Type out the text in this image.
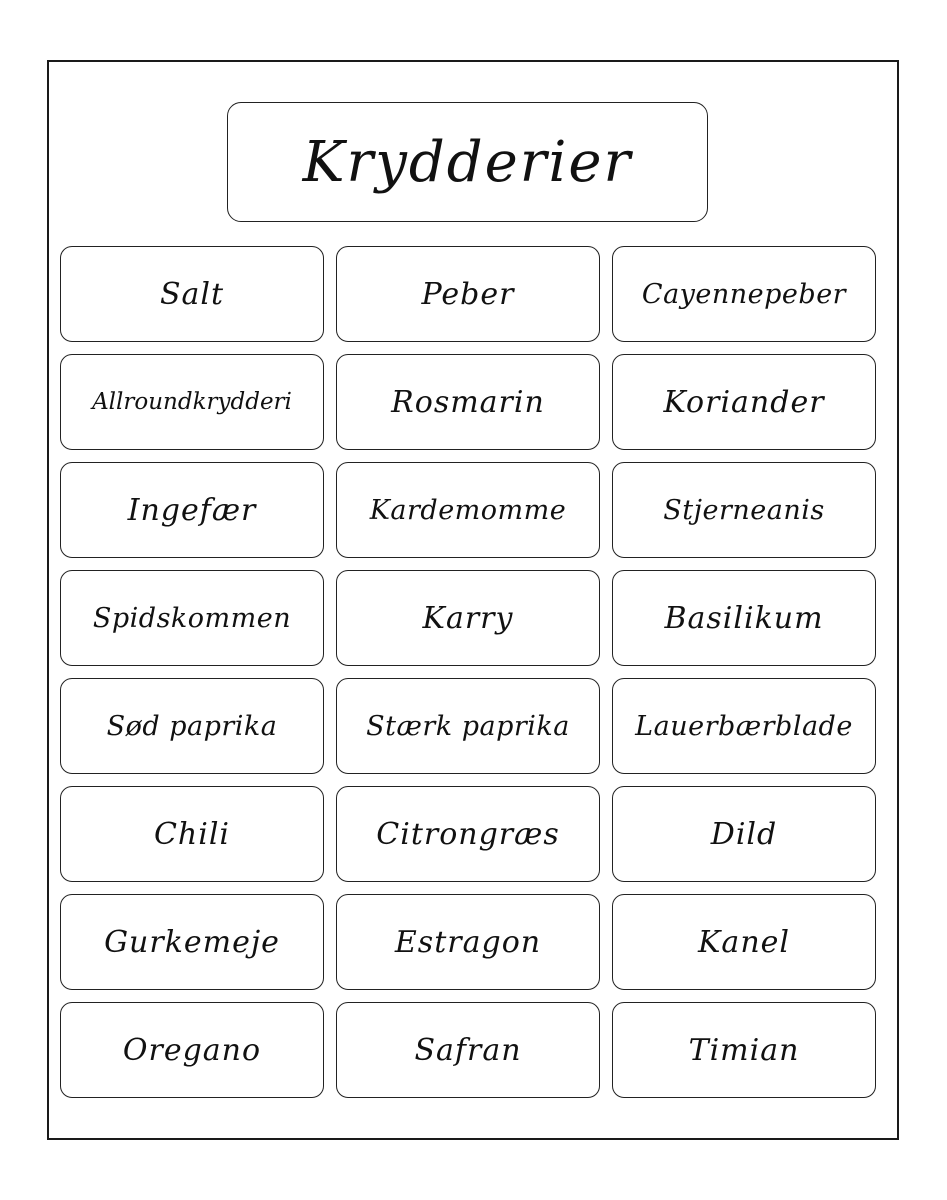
Krydderier
Salt	Peber	Cayennepeber
Allroundkrydderi	Rosmarin	Koriander
Ingefær	Kardemomme	Stjerneanis
Spidskommen	Karry	Basilikum
Sød paprika	Stærk paprika Lauerbærblade
Chili	Citrongræs	Dild
Gurkemeje	Estragon	Kanel
Oregano	Safran	Timian
